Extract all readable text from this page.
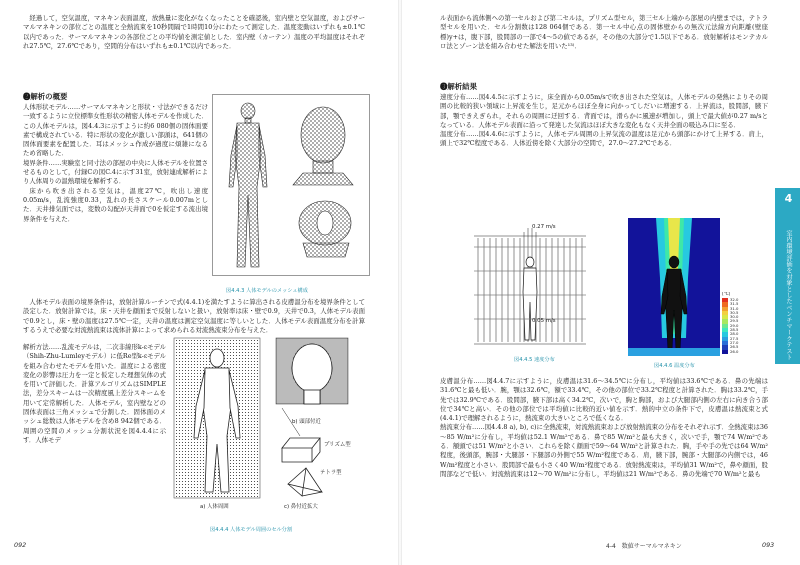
経過して，空気温度，マネキン表面温度，放熱量に変化がなくなったことを確認後，室内壁と空気温度，およびサーマルマネキンの部位ごとの温度と全熱流束を10秒間隔で1時間10分にわたって測定した．温度変動はいずれも±0.1℃以内であった．サーマルマネキンの各部位ごとの平均値を測定値とした．室内壁（カーテン）温度の平均温度はそれぞれ27.5℃，27.6℃であり，空間的分布はいずれも±0.1℃以内であった．

❷解析の概要

人体形状モデル……サーマルマネキンと形状・寸法ができるだけ一致するように立位標準女性形状の精密人体モデルを作成した．この人体モデルは，図4.4.3に示すように約6 080個の固体面要素で構成されている．特に形状の変化が激しい部頭は，641個の固体面要素を配置した．耳はメッシュ作成が過度に煩雑になるため省略した．

境界条件……実験室と同寸法の部屋の中央に人体モデルを位置させるものとして，付録Cの図C.4に示す31室，放射連成解析により人体周りの温熱環境を解析する．

床から吹き出される空気は，温度27℃，吹出し速度0.05m/s，乱流強度0.33，乱れの長さスケール0.007mとした．天井排気面では，変数の勾配が天井面で0を仮定する流出境界条件を与えた．

図4.4.3 人体モデルのメッシュ構成

人体モデル表面の境界条件は，放射計算ルーチンで式(4.4.1)を満たすように算出される皮膚温分布を境界条件として設定した．放射計算では，床・天井を顔面まで反射しないと扱い，放射率は床・壁で0.9，天井で0.3，人体モデル表面で0.9とし，床・壁の温度は27.5℃一定，天井の温度は測定空気温度に等しいとした．人体モデル表面温度分布を計算するうえで必要な対流熱流束は流体計算によって求められる対流熱流束分布を与えた．

解析方法……乱流モデルは，二次非線形k-εモデル（Shih-Zhu-Lumleyモデル）に低Re型k-εモデルを組み合わせたモデルを用いた．温度による密度変化の影響は圧力を一定と仮定した理想気体の式を用いて評価した．計算アルゴリズムはSIMPLE法，差分スキームは一次精度風上差分スキームを用いて定常解析した．人体モデル，室内壁などの固体表面は三角メッシュで分割した．固体面のメッシュ総数は人体モデルを含め8 942個である．周囲の空間のメッシュ分割状況を図4.4.4に示す．人体モデ

b) 頭部付近
プリズム型
テトラ型
a) 人体周囲	c) 鼻付近拡大
図4.4.4 人体モデル周囲のセル分割
092

ル表面から流体側への第一セルおよび第二セルは，プリズム型セル，第三セル上端から部屋の内壁までは，テトラ型セルを用いた．セル分割数は128 064個である．第一セル中心点の固体壁からの無次元法線方向距離(壁座標)y+は，腹下部，股間部の一部で4～5の値であるが，その他の大部分で1.5以下である．放射解析はモンテカルロ法とゾーン法を組み合わせた解法を用いた¹³⁾．

❸解析結果

速度分布……図4.4.5に示すように，床全面から0.05m/sで吹き出された空気は，人体モデルの発熱によりその周囲の比較的狭い領域に上昇流を生じ，足元からほぼ全身に向かってしだいに増速する．上昇流は，股間部，腋下部，顎できえぎられ，それらの周囲に迂回する．背面では，滑らかに風速が増加し，頭上で最大値が0.27 m/sとなっている．人体モデル表面に沿って発達した気流はほぼ大きな変化もなく天井全面の吸込み口に至る．

温度分布……図4.4.6に示すように，人体モデル周囲の上昇気流の温度は足元から頭部にかけて上昇する．肩上，頭上で32℃程度である．人体近傍を除く大部分の空間で，27.0～27.2℃である．

0.27 m/s
0.05 m/s
図4.4.5 速度分布
[℃]
32.0
31.5
31.0
30.5
30.0
29.5
29.0
28.5
28.0
27.5
27.0
26.5
26.0
図4.4.6 温度分布

皮膚温分布……図4.4.7に示すように，皮膚温は31.6～34.5℃に分布し，平均値は33.6℃である．鼻の先端は31.6℃と最も低い．腕，顎は32.6℃，額で33.4℃，その他の部位で33.2℃程度と計算された．胸は33.2℃，手先では32.9℃である．股間部，腋下部は高く34.2℃，次いで，胸と胸部，および大腿部内側の左右に向き合う部位で34℃と高い．その他の部位では平均値に比較的近い値を示す．熱的中立の条件下で，皮膚温は熱流束と式(4.4.1)で理解されるように，熱流束の大きいところで低くなる．

熱流束分布……図4.4.8 a), b), c)に全熱流束，対流熱流束および放射熱流束の分布をそれぞれ示す．全熱流束は36～85 W/m²に分布し，平均値は52.1 W/m²である．鼻で85 W/m²と最も大きく，次いで手，顎で74 W/m²である．額頭では51 W/m²と小さい．これらを除く顔面で59～64 W/m²と計算された．胸，手や手の先では64 W/m²程度，後頭部，腕部・大腿部・下腿部の外側で55 W/m²程度である．肩，腋下部，腕部・大腿部の内側では，46 W/m²程度と小さい．股間部で最も小さく40 W/m²程度である．放射熱流束は，平均値31 W/m²で，鼻や顔面，股間部などで低い．対流熱流束は12～70 W/m²に分布し，平均値は21 W/m²である．鼻の先端で70 W/m²と最も

4-4　数値サーマルマネキン	093
4
室内環境評価を対象としたベンチマークテスト
